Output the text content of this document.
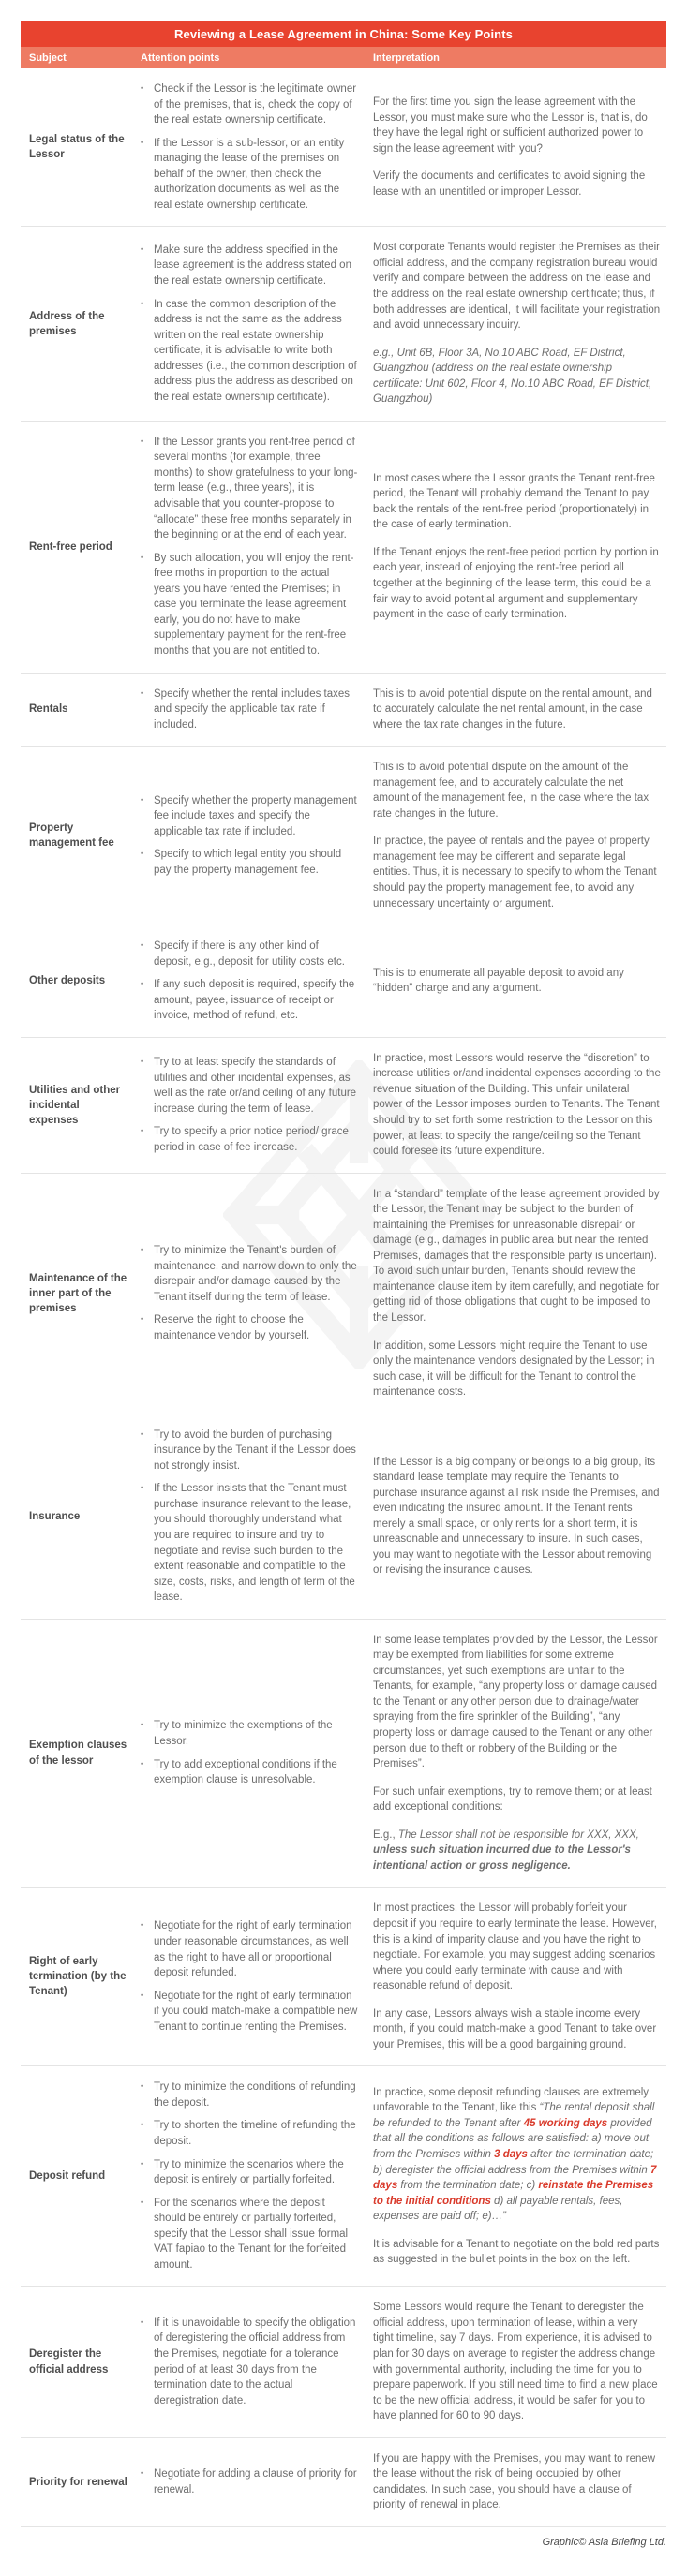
Reviewing a Lease Agreement in China: Some Key Points
Subject	Attention points	Interpretation
Legal status of the Lessor
• Check if the Lessor is the legitimate owner of the premises, that is, check the copy of the real estate ownership certificate.
• If the Lessor is a sub-lessor, or an entity managing the lease of the premises on behalf of the owner, then check the authorization documents as well as the real estate ownership certificate.

For the first time you sign the lease agreement with the Lessor, you must make sure who the Lessor is, that is, do they have the legal right or sufficient authorized power to sign the lease agreement with you?

Verify the documents and certificates to avoid signing the lease with an unentitled or improper Lessor.

Address of the premises
• Make sure the address specified in the lease agreement is the address stated on the real estate ownership certificate.
• In case the common description of the address is not the same as the address written on the real estate ownership certificate, it is advisable to write both addresses (i.e., the common description of address plus the address as described on the real estate ownership certificate).

Most corporate Tenants would register the Premises as their official address, and the company registration bureau would verify and compare between the address on the lease and the address on the real estate ownership certificate; thus, if both addresses are identical, it will facilitate your registration and avoid unnecessary inquiry.

e.g., Unit 6B, Floor 3A, No.10 ABC Road, EF District, Guangzhou (address on the real estate ownership certificate: Unit 602, Floor 4, No.10 ABC Road, EF District, Guangzhou)

Rent-free period
• If the Lessor grants you rent-free period of several months (for example, three months) to show gratefulness to your long-term lease (e.g., three years), it is advisable that you counter-propose to “allocate” these free months separately in the beginning or at the end of each year.
• By such allocation, you will enjoy the rent-free moths in proportion to the actual years you have rented the Premises; in case you terminate the lease agreement early, you do not have to make supplementary payment for the rent-free months that you are not entitled to.

In most cases where the Lessor grants the Tenant rent-free period, the Tenant will probably demand the Tenant to pay back the rentals of the rent-free period (proportionately) in the case of early termination.

If the Tenant enjoys the rent-free period portion by portion in each year, instead of enjoying the rent-free period all together at the beginning of the lease term, this could be a fair way to avoid potential argument and supplementary payment in the case of early termination.

Rentals
• Specify whether the rental includes taxes and specify the applicable tax rate if included.

This is to avoid potential dispute on the rental amount, and to accurately calculate the net rental amount, in the case where the tax rate changes in the future.

Property management fee
• Specify whether the property management fee include taxes and specify the applicable tax rate if included.
• Specify to which legal entity you should pay the property management fee.

This is to avoid potential dispute on the amount of the management fee, and to accurately calculate the net amount of the management fee, in the case where the tax rate changes in the future.

In practice, the payee of rentals and the payee of property management fee may be different and separate legal entities. Thus, it is necessary to specify to whom the Tenant should pay the property management fee, to avoid any unnecessary uncertainty or argument.

Other deposits
• Specify if there is any other kind of deposit, e.g., deposit for utility costs etc.
• If any such deposit is required, specify the amount, payee, issuance of receipt or invoice, method of refund, etc.

This is to enumerate all payable deposit to avoid any “hidden” charge and any argument.

Utilities and other incidental expenses
• Try to at least specify the standards of utilities and other incidental expenses, as well as the rate or/and ceiling of any future increase during the term of lease.
• Try to specify a prior notice period/ grace period in case of fee increase.

In practice, most Lessors would reserve the “discretion” to increase utilities or/and incidental expenses according to the revenue situation of the Building. This unfair unilateral power of the Lessor imposes burden to Tenants. The Tenant should try to set forth some restriction to the Lessor on this power, at least to specify the range/ceiling so the Tenant could foresee its future expenditure.

Maintenance of the inner part of the premises
• Try to minimize the Tenant's burden of maintenance, and narrow down to only the disrepair and/or damage caused by the Tenant itself during the term of lease.
• Reserve the right to choose the maintenance vendor by yourself.

In a “standard” template of the lease agreement provided by the Lessor, the Tenant may be subject to the burden of maintaining the Premises for unreasonable disrepair or damage (e.g., damages in public area but near the rented Premises, damages that the responsible party is uncertain). To avoid such unfair burden, Tenants should review the maintenance clause item by item carefully, and negotiate for getting rid of those obligations that ought to be imposed to the Lessor.

In addition, some Lessors might require the Tenant to use only the maintenance vendors designated by the Lessor; in such case, it will be difficult for the Tenant to control the maintenance costs.

Insurance
• Try to avoid the burden of purchasing insurance by the Tenant if the Lessor does not strongly insist.
• If the Lessor insists that the Tenant must purchase insurance relevant to the lease, you should thoroughly understand what you are required to insure and try to negotiate and revise such burden to the extent reasonable and compatible to the size, costs, risks, and length of term of the lease.

If the Lessor is a big company or belongs to a big group, its standard lease template may require the Tenants to purchase insurance against all risk inside the Premises, and even indicating the insured amount. If the Tenant rents merely a small space, or only rents for a short term, it is unreasonable and unnecessary to insure. In such cases, you may want to negotiate with the Lessor about removing or revising the insurance clauses.

Exemption clauses of the lessor
• Try to minimize the exemptions of the Lessor.
• Try to add exceptional conditions if the exemption clause is unresolvable.

In some lease templates provided by the Lessor, the Lessor may be exempted from liabilities for some extreme circumstances, yet such exemptions are unfair to the Tenants, for example, “any property loss or damage caused to the Tenant or any other person due to drainage/water spraying from the fire sprinkler of the Building”, “any property loss or damage caused to the Tenant or any other person due to theft or robbery of the Building or the Premises”.

For such unfair exemptions, try to remove them; or at least add exceptional conditions:

E.g., The Lessor shall not be responsible for XXX, XXX, unless such situation incurred due to the Lessor's intentional action or gross negligence.

Right of early termination (by the Tenant)
• Negotiate for the right of early termination under reasonable circumstances, as well as the right to have all or proportional deposit refunded.
• Negotiate for the right of early termination if you could match-make a compatible new Tenant to continue renting the Premises.

In most practices, the Lessor will probably forfeit your deposit if you require to early terminate the lease. However, this is a kind of imparity clause and you have the right to negotiate. For example, you may suggest adding scenarios where you could early terminate with cause and with reasonable refund of deposit.

In any case, Lessors always wish a stable income every month, if you could match-make a good Tenant to take over your Premises, this will be a good bargaining ground.

Deposit refund
• Try to minimize the conditions of refunding the deposit.
• Try to shorten the timeline of refunding the deposit.
• Try to minimize the scenarios where the deposit is entirely or partially forfeited.
• For the scenarios where the deposit should be entirely or partially forfeited, specify that the Lessor shall issue formal VAT fapiao to the Tenant for the forfeited amount.

In practice, some deposit refunding clauses are extremely unfavorable to the Tenant, like this “The rental deposit shall be refunded to the Tenant after 45 working days provided that all the conditions as follows are satisfied: a) move out from the Premises within 3 days after the termination date; b) deregister the official address from the Premises within 7 days from the termination date; c) reinstate the Premises to the initial conditions d) all payable rentals, fees, expenses are paid off; e)…”

It is advisable for a Tenant to negotiate on the bold red parts as suggested in the bullet points in the box on the left.

Deregister the official address
• If it is unavoidable to specify the obligation of deregistering the official address from the Premises, negotiate for a tolerance period of at least 30 days from the termination date to the actual deregistration date.

Some Lessors would require the Tenant to deregister the official address, upon termination of lease, within a very tight timeline, say 7 days. From experience, it is advised to plan for 30 days on average to register the address change with governmental authority, including the time for you to prepare paperwork. If you still need time to find a new place to be the new official address, it would be safer for you to have planned for 60 to 90 days.

Priority for renewal
• Negotiate for adding a clause of priority for renewal.

If you are happy with the Premises, you may want to renew the lease without the risk of being occupied by other candidates. In such case, you should have a clause of priority of renewal in place.

Graphic© Asia Briefing Ltd.
